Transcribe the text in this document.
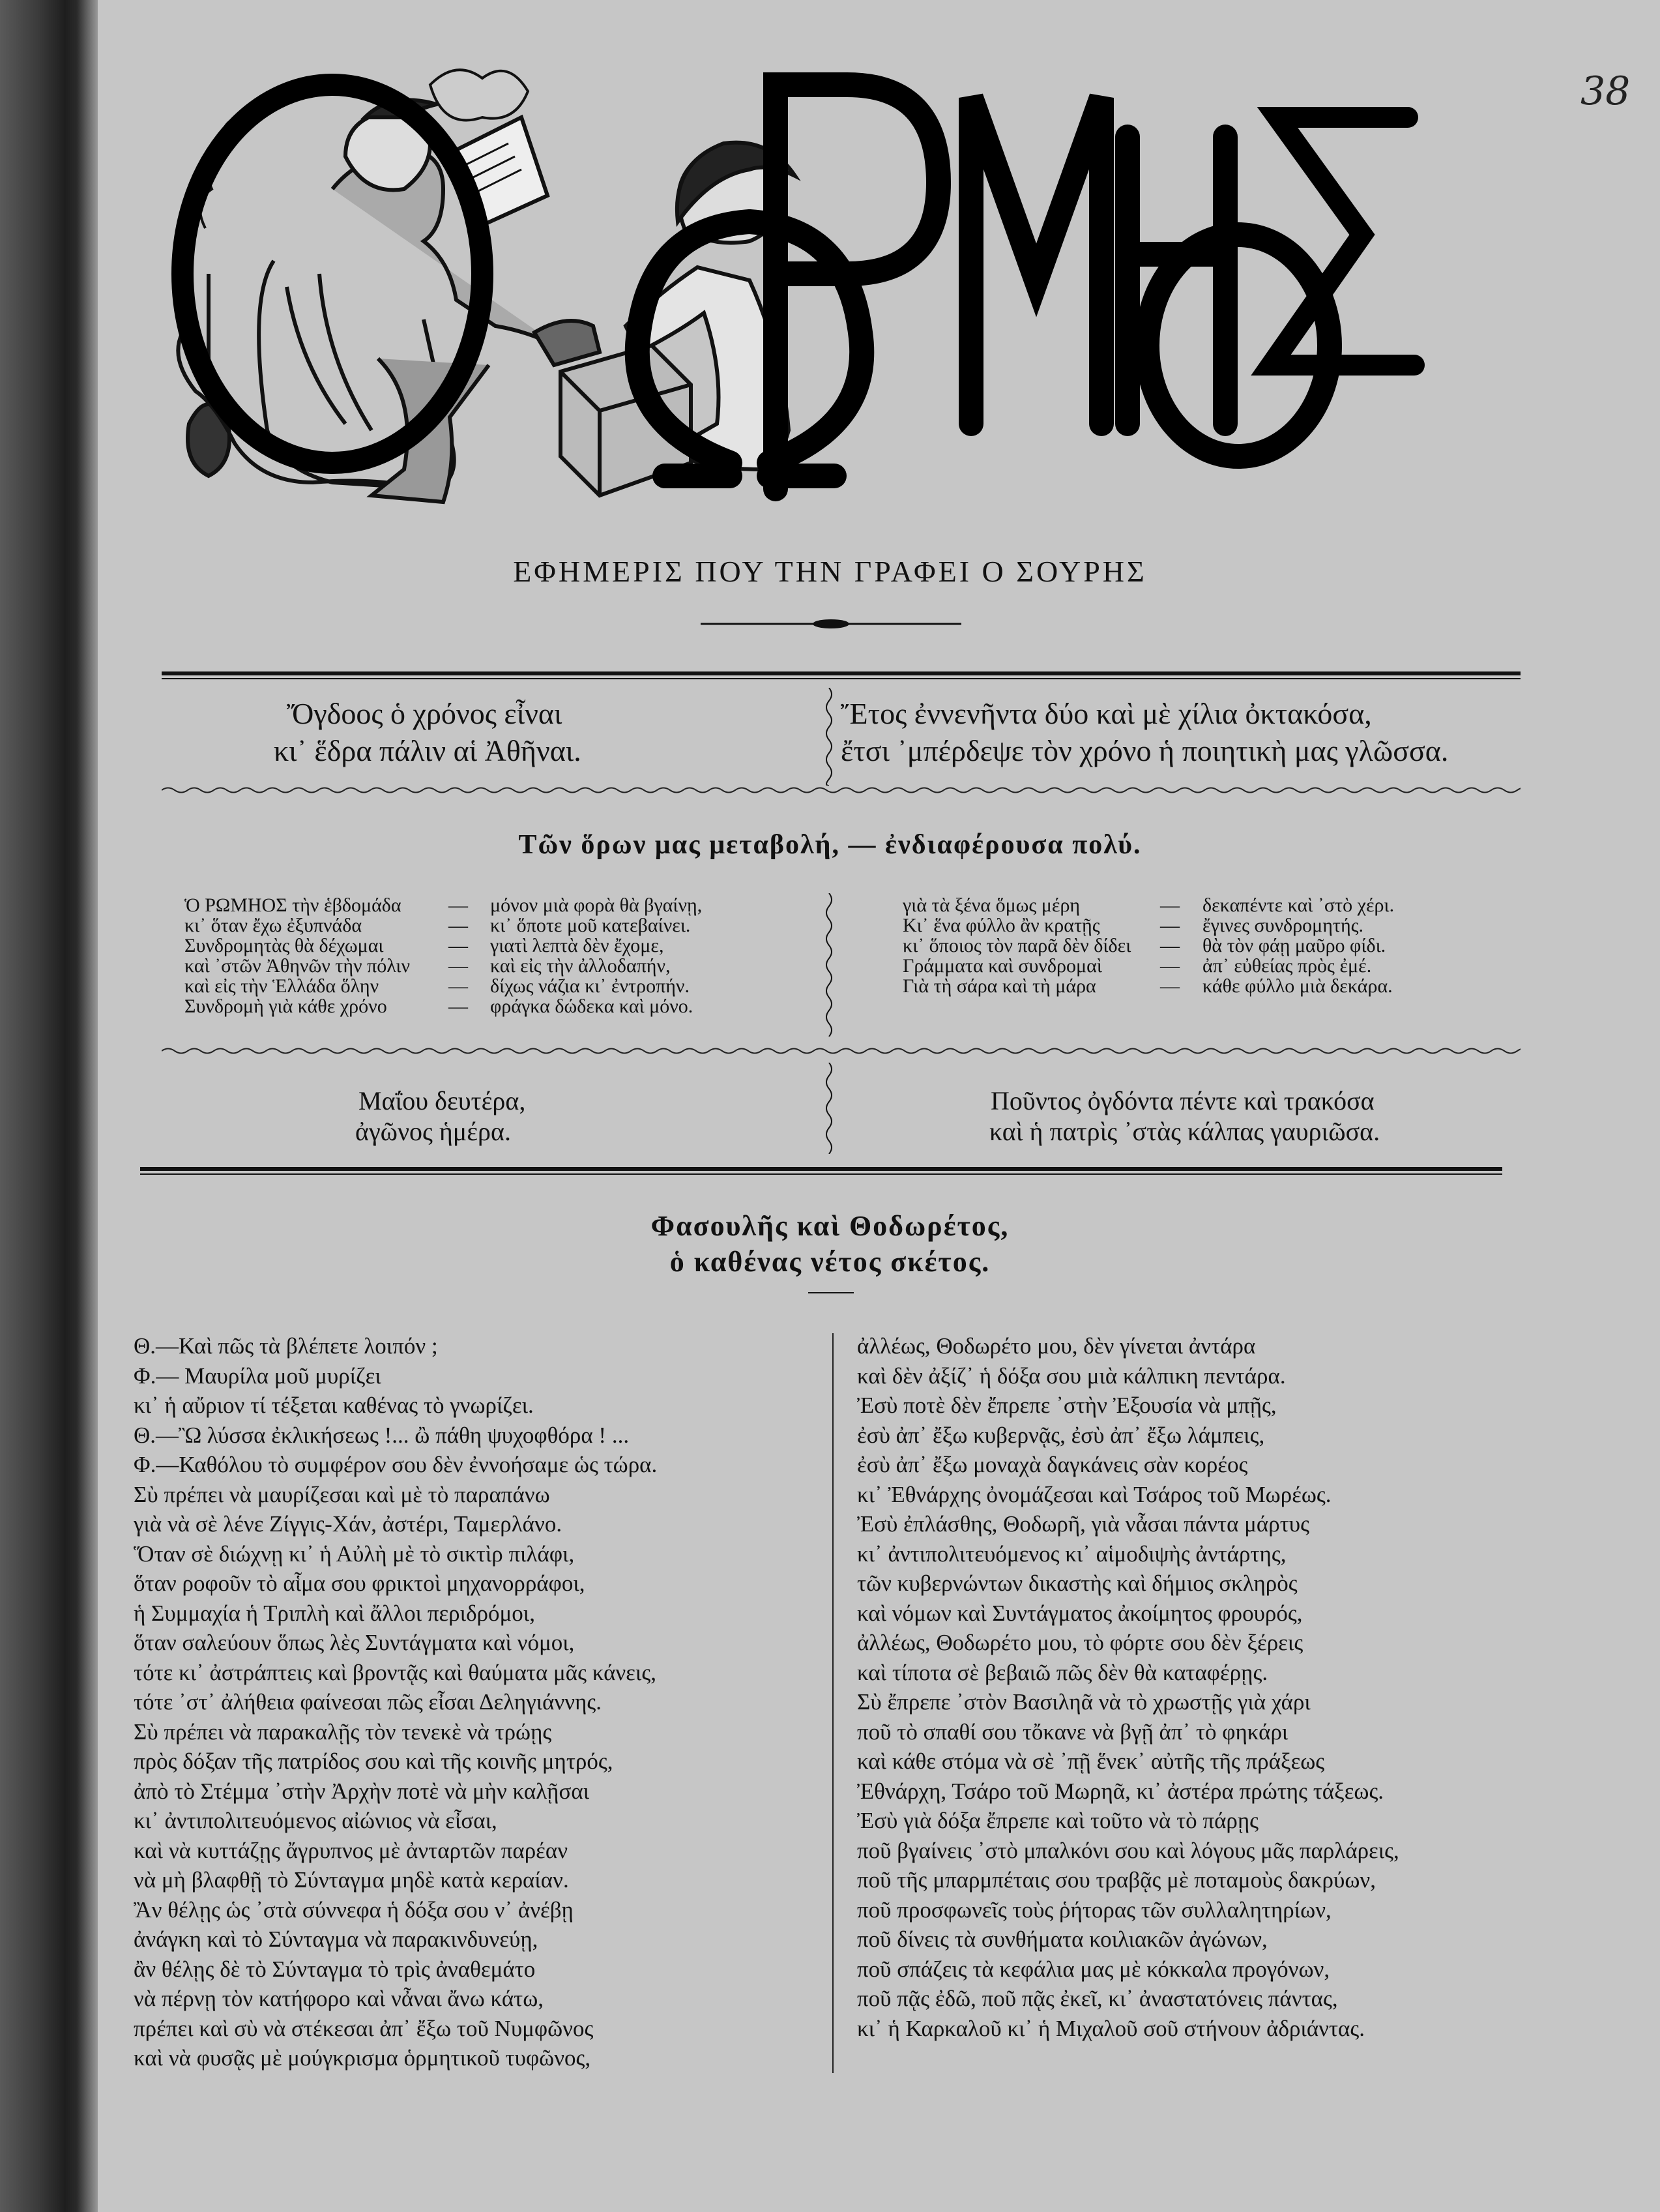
38
ΕΦΗΜΕΡΙΣ ΠΟΥ ΤΗΝ ΓΡΑΦΕΙ Ο ΣΟΥΡΗΣ
Ὄγδοος ὁ χρόνος εἶναι
κι᾽ ἕδρα πάλιν αἱ Ἀθῆναι.
Ἔτος ἐννενῆντα δύο καὶ μὲ χίλια ὀκτακόσα,
ἔτσι ᾽μπέρδεψε τὸν χρόνο ἡ ποιητικὴ μας γλῶσσα.
Τῶν ὅρων μας μεταβολή, — ἐνδιαφέρουσα πολύ.
Ὁ ΡΩΜΗΟΣ τὴν ἑβδομάδα — μόνον μιὰ φορὰ θὰ βγαίνῃ,
κι᾽ ὅταν ἔχω ἐξυπνάδα	— κι᾽ ὅποτε μοῦ κατεβαίνει.
Συνδρομητὰς θὰ δέχωμαι	— γιατὶ λεπτὰ δὲν ἔχομε,
καὶ ᾽στῶν Ἀθηνῶν τὴν πόλιν — καὶ εἰς τὴν ἀλλοδαπήν,
καὶ εἰς τὴν Ἑλλάδα ὅλην	— δίχως νάζια κι᾽ ἐντροπήν.
Συνδρομὴ γιὰ κάθε χρόνο	— φράγκα δώδεκα καὶ μόνο.
γιὰ τὰ ξένα ὅμως μέρη	— δεκαπέντε καὶ ᾽στὸ χέρι.
Κι᾽ ἕνα φύλλο ἂν κρατῇς	— ἔγινες συνδρομητής.
κι᾽ ὅποιος τὸν παρᾶ δὲν δίδει — θὰ τὸν φάῃ μαῦρο φίδι.
Γράμματα καὶ συνδρομαὶ	— ἀπ᾽ εὐθείας πρὸς ἐμέ.
Γιὰ τὴ σάρα καὶ τὴ μάρα	— κάθε φύλλο μιὰ δεκάρα.
Μαΐου δευτέρα,
ἀγῶνος ἡμέρα.
Ποῦντος ὀγδόντα πέντε καὶ τρακόσα
καὶ ἡ πατρὶς ᾽στὰς κάλπας γαυριῶσα.
Φασουλῆς καὶ Θοδωρέτος,
ὁ καθένας νέτος σκέτος.
Θ.—Καὶ πῶς τὰ βλέπετε λοιπόν ;
Φ.— Μαυρίλα μοῦ μυρίζει
κι᾽ ἡ αὔριον τί τέξεται καθένας τὸ γνωρίζει.
Θ.—Ὢ λύσσα ἐκλικήσεως !... ὢ πάθη ψυχοφθόρα ! ...
Φ.—Καθόλου τὸ συμφέρον σου δὲν ἐννοήσαμε ὡς τώρα.
Σὺ πρέπει νὰ μαυρίζεσαι καὶ μὲ τὸ παραπάνω
γιὰ νὰ σὲ λένε Ζίγγις-Χάν, ἀστέρι, Ταμερλάνο.
Ὅταν σὲ διώχνῃ κι᾽ ἡ Αὐλὴ μὲ τὸ σικτὶρ πιλάφι,
ὅταν ροφοῦν τὸ αἷμα σου φρικτοὶ μηχανορράφοι,
ἡ Συμμαχία ἡ Τριπλὴ καὶ ἄλλοι περιδρόμοι,
ὅταν σαλεύουν ὅπως λὲς Συντάγματα καὶ νόμοι,
τότε κι᾽ ἀστράπτεις καὶ βροντᾷς καὶ θαύματα μᾶς κάνεις,
τότε ᾽στ᾽ ἀλήθεια φαίνεσαι πῶς εἶσαι Δεληγιάννης.
Σὺ πρέπει νὰ παρακαλῇς τὸν τενεκὲ νὰ τρώῃς
πρὸς δόξαν τῆς πατρίδος σου καὶ τῆς κοινῆς μητρός,
ἀπὸ τὸ Στέμμα ᾽στὴν Ἀρχὴν ποτὲ νὰ μὴν καλῇσαι
κι᾽ ἀντιπολιτευόμενος αἰώνιος νὰ εἶσαι,
καὶ νὰ κυττάζῃς ἄγρυπνος μὲ ἀνταρτῶν παρέαν
νὰ μὴ βλαφθῇ τὸ Σύνταγμα μηδὲ κατὰ κεραίαν.
Ἂν θέλῃς ὡς ᾽στὰ σύννεφα ἡ δόξα σου ν᾽ ἀνέβῃ
ἀνάγκη καὶ τὸ Σύνταγμα νὰ παρακινδυνεύῃ,
ἂν θέλῃς δὲ τὸ Σύνταγμα τὸ τρὶς ἀναθεμάτο
νὰ πέρνῃ τὸν κατήφορο καὶ νἆναι ἄνω κάτω,
πρέπει καὶ σὺ νὰ στέκεσαι ἀπ᾽ ἔξω τοῦ Νυμφῶνος
καὶ νὰ φυσᾷς μὲ μούγκρισμα ὁρμητικοῦ τυφῶνος,
ἀλλέως, Θοδωρέτο μου, δὲν γίνεται ἀντάρα
καὶ δὲν ἀξίζ᾽ ἡ δόξα σου μιὰ κάλπικη πεντάρα.
Ἐσὺ ποτὲ δὲν ἔπρεπε ᾽στὴν Ἐξουσία νὰ μπῇς,
ἐσὺ ἀπ᾽ ἔξω κυβερνᾷς, ἐσὺ ἀπ᾽ ἔξω λάμπεις,
ἐσὺ ἀπ᾽ ἔξω μοναχὰ δαγκάνεις σὰν κορέος
κι᾽ Ἐθνάρχης ὀνομάζεσαι καὶ Τσάρος τοῦ Μωρέως.
Ἐσὺ ἐπλάσθης, Θοδωρῆ, γιὰ νἆσαι πάντα μάρτυς
κι᾽ ἀντιπολιτευόμενος κι᾽ αἱμοδιψὴς ἀντάρτης,
τῶν κυβερνώντων δικαστὴς καὶ δήμιος σκληρὸς
καὶ νόμων καὶ Συντάγματος ἀκοίμητος φρουρός,
ἀλλέως, Θοδωρέτο μου, τὸ φόρτε σου δὲν ξέρεις
καὶ τίποτα σὲ βεβαιῶ πῶς δὲν θὰ καταφέρῃς.
Σὺ ἔπρεπε ᾽στὸν Βασιληᾶ νὰ τὸ χρωστῇς γιὰ χάρι
ποῦ τὸ σπαθί σου τὄκανε νὰ βγῇ ἀπ᾽ τὸ φηκάρι
καὶ κάθε στόμα νὰ σὲ ᾽πῇ ἕνεκ᾽ αὐτῆς τῆς πράξεως
Ἐθνάρχη, Τσάρο τοῦ Μωρηᾶ, κι᾽ ἀστέρα πρώτης τάξεως.
Ἐσὺ γιὰ δόξα ἔπρεπε καὶ τοῦτο νὰ τὸ πάρῃς
ποῦ βγαίνεις ᾽στὸ μπαλκόνι σου καὶ λόγους μᾶς παρλάρεις,
ποῦ τῆς μπαρμπέταις σου τραβᾷς μὲ ποταμοὺς δακρύων,
ποῦ προσφωνεῖς τοὺς ῥήτορας τῶν συλλαλητηρίων,
ποῦ δίνεις τὰ συνθήματα κοιλιακῶν ἀγώνων,
ποῦ σπάζεις τὰ κεφάλια μας μὲ κόκκαλα προγόνων,
ποῦ πᾷς ἐδῶ, ποῦ πᾷς ἐκεῖ, κι᾽ ἀναστατόνεις πάντας,
κι᾽ ἡ Καρκαλοῦ κι᾽ ἡ Μιχαλοῦ σοῦ στήνουν ἀδριάντας.
